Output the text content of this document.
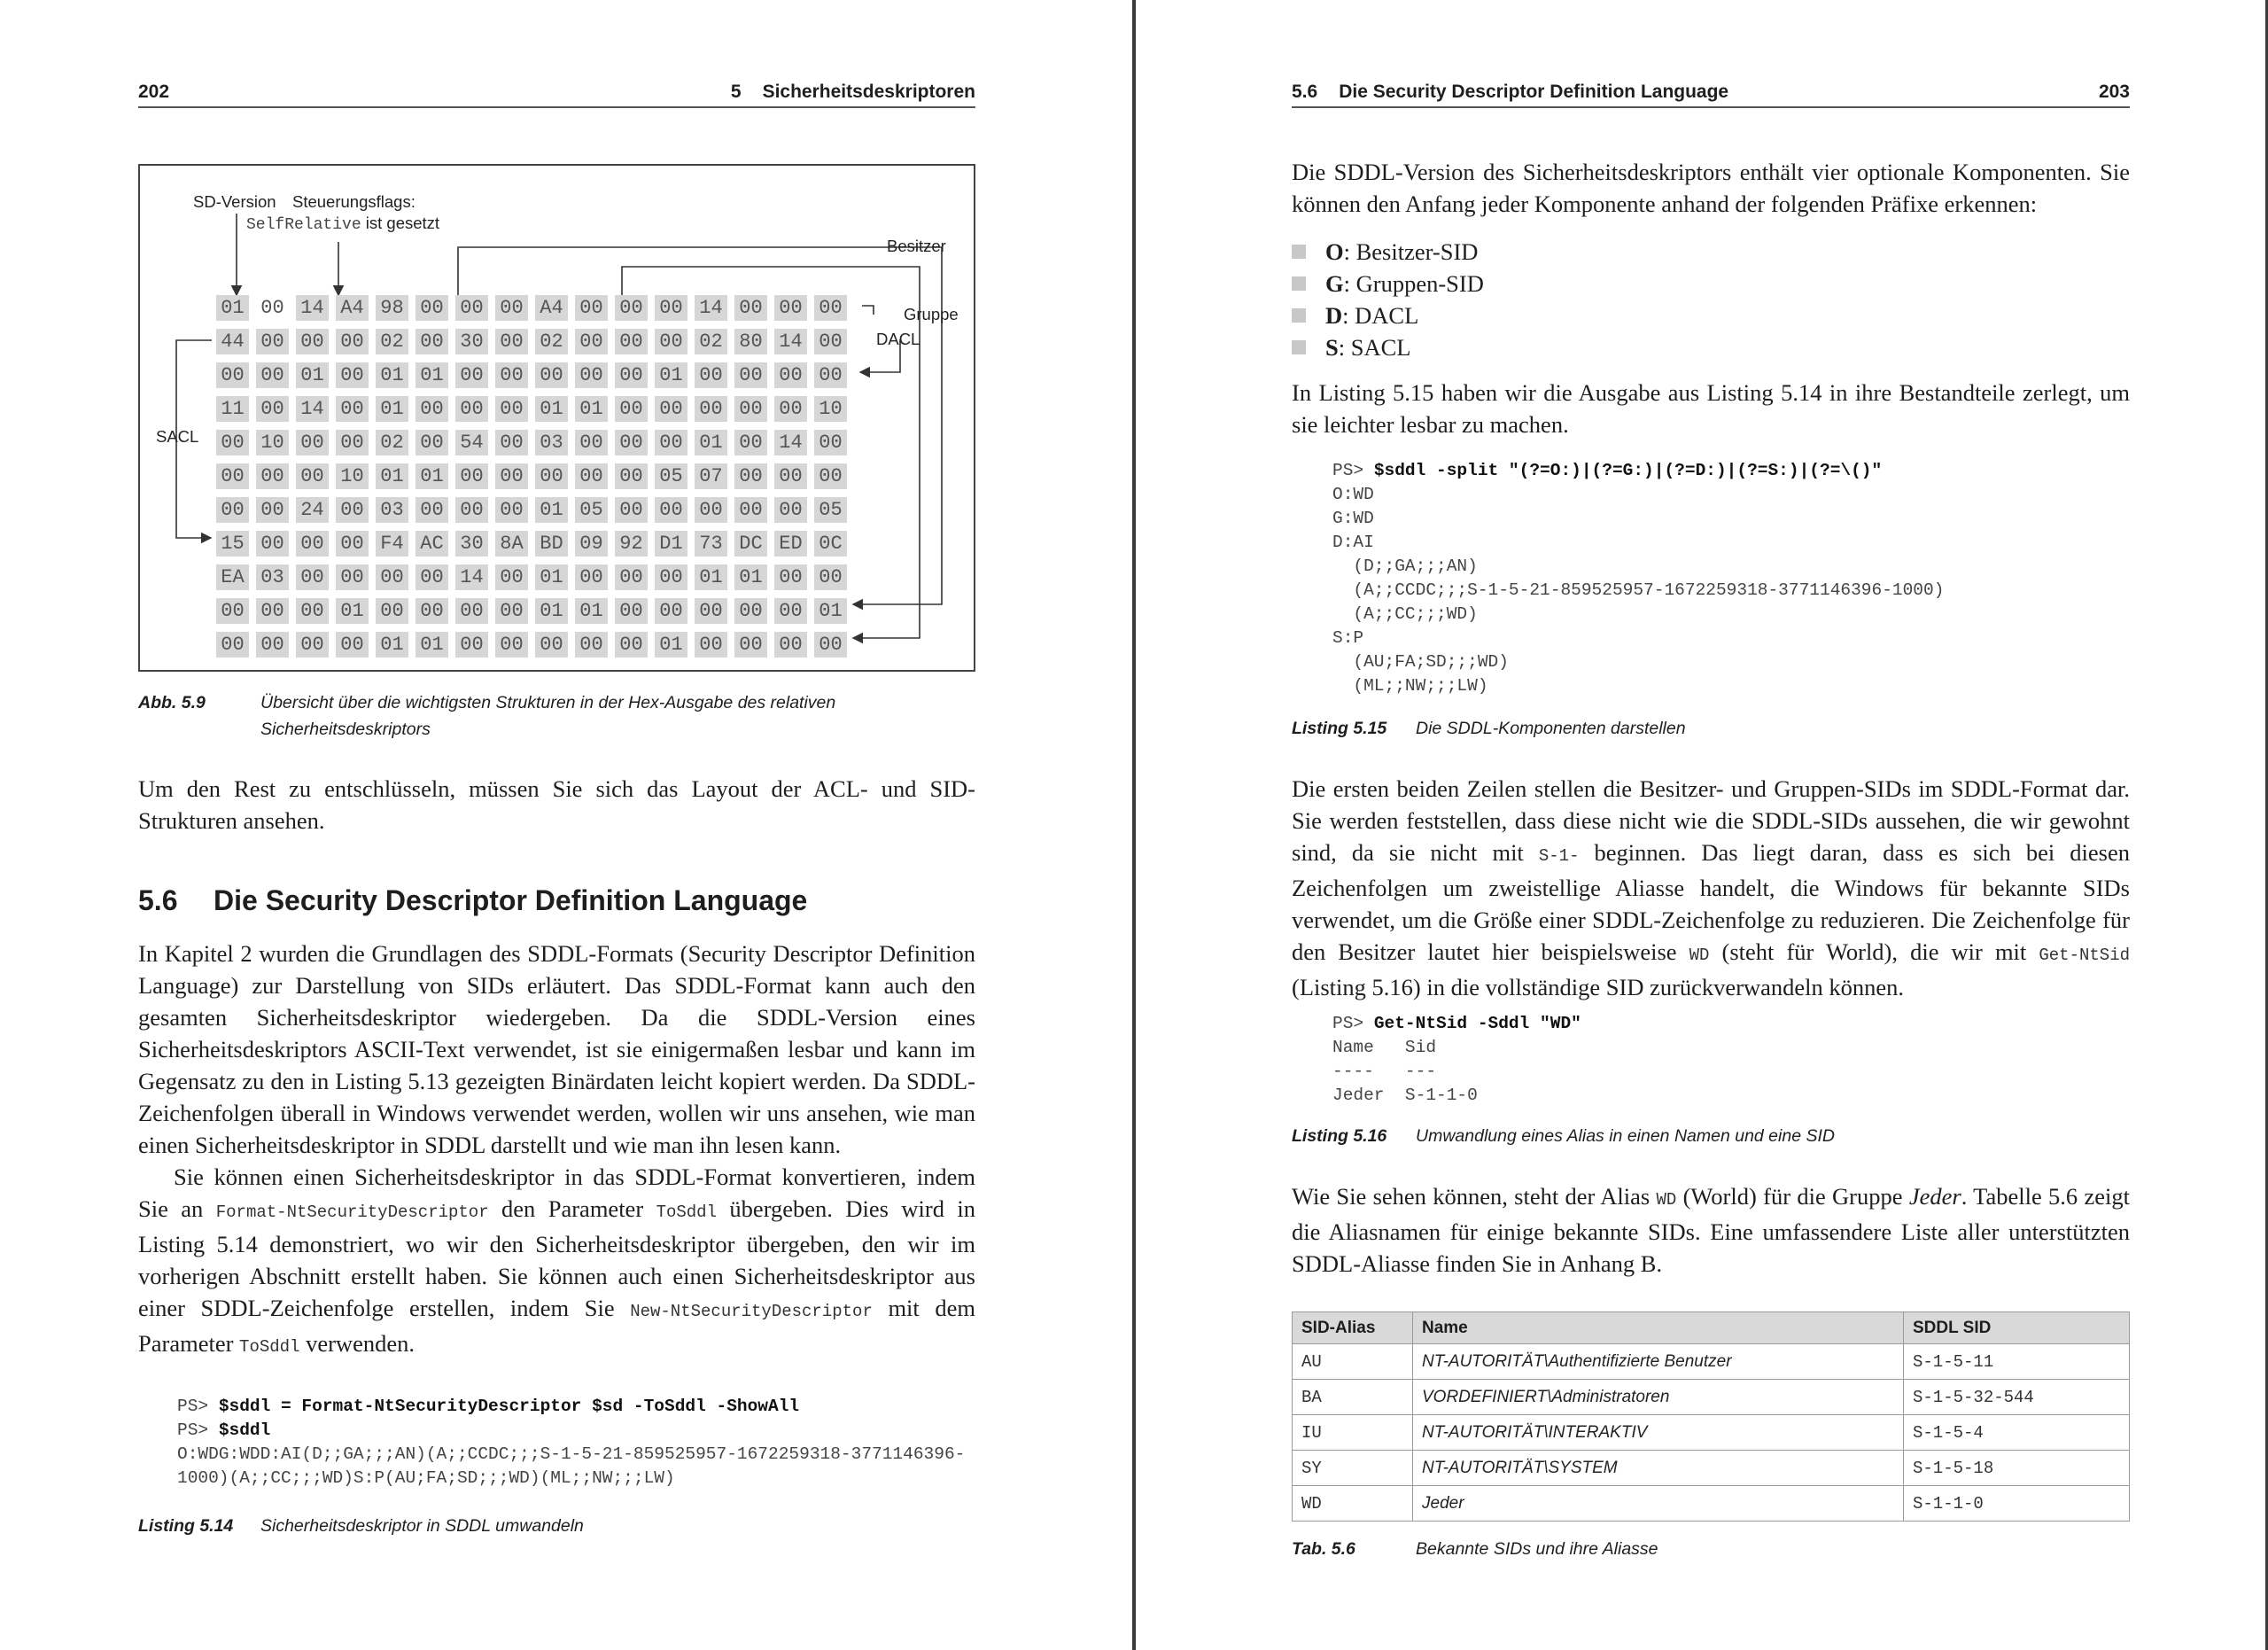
202	5 Sicherheitsdeskriptoren
SD-Version Steuerungsflags:
SelfRelative ist gesetzt
Besitzer
Gruppe
DACL
SACL
01 00 14 A4 98 00 00 00 A4 00 00 00 14 00 00 00
44 00 00 00 02 00 30 00 02 00 00 00 02 80 14 00
00 00 01 00 01 01 00 00 00 00 00 01 00 00 00 00
11 00 14 00 01 00 00 00 01 01 00 00 00 00 00 10
00 10 00 00 02 00 54 00 03 00 00 00 01 00 14 00
00 00 00 10 01 01 00 00 00 00 00 05 07 00 00 00
00 00 24 00 03 00 00 00 01 05 00 00 00 00 00 05
15 00 00 00 F4 AC 30 8A BD 09 92 D1 73 DC ED 0C
EA 03 00 00 00 00 14 00 01 00 00 00 01 01 00 00
00 00 00 01 00 00 00 00 01 01 00 00 00 00 00 01
00 00 00 00 01 01 00 00 00 00 00 01 00 00 00 00
Abb. 5.9	Übersicht über die wichtigsten Strukturen in der Hex-Ausgabe des relativen
Sicherheitsdeskriptors

Um den Rest zu entschlüsseln, müssen Sie sich das Layout der ACL- und SID-Strukturen ansehen.

5.6 Die Security Descriptor Definition Language

In Kapitel 2 wurden die Grundlagen des SDDL-Formats (Security Descriptor Definition Language) zur Darstellung von SIDs erläutert. Das SDDL-Format kann auch den gesamten Sicherheitsdeskriptor wiedergeben. Da die SDDL-Version eines Sicherheitsdeskriptors ASCII-Text verwendet, ist sie einigermaßen lesbar und kann im Gegensatz zu den in Listing 5.13 gezeigten Binärdaten leicht kopiert werden. Da SDDL-Zeichenfolgen überall in Windows verwendet werden, wollen wir uns ansehen, wie man einen Sicherheitsdeskriptor in SDDL darstellt und wie man ihn lesen kann.

Sie können einen Sicherheitsdeskriptor in das SDDL-Format konvertieren, indem Sie an Format-NtSecurityDescriptor den Parameter ToSddl übergeben. Dies wird in Listing 5.14 demonstriert, wo wir den Sicherheitsdeskriptor übergeben, den wir im vorherigen Abschnitt erstellt haben. Sie können auch einen Sicherheitsdeskriptor aus einer SDDL-Zeichenfolge erstellen, indem Sie New-NtSecurityDescriptor mit dem Parameter ToSddl verwenden.

PS> $sddl = Format-NtSecurityDescriptor $sd -ToSddl -ShowAll
PS> $sddl
O:WDG:WDD:AI(D;;GA;;;AN)(A;;CCDC;;;S-1-5-21-859525957-1672259318-3771146396-
1000)(A;;CC;;;WD)S:P(AU;FA;SD;;;WD)(ML;;NW;;;LW)
Listing 5.14 Sicherheitsdeskriptor in SDDL umwandeln
5.6 Die Security Descriptor Definition Language	203

Die SDDL-Version des Sicherheitsdeskriptors enthält vier optionale Komponenten. Sie können den Anfang jeder Komponente anhand der folgenden Präfixe erkennen:

O: Besitzer-SID
G: Gruppen-SID
D: DACL
S: SACL

In Listing 5.15 haben wir die Ausgabe aus Listing 5.14 in ihre Bestandteile zerlegt, um sie leichter lesbar zu machen.

PS> $sddl -split "(?=O:)|(?=G:)|(?=D:)|(?=S:)|(?=\()"
O:WD
G:WD
D:AI
(D;;GA;;;AN)
(A;;CCDC;;;S-1-5-21-859525957-1672259318-3771146396-1000)
(A;;CC;;;WD)
S:P
(AU;FA;SD;;;WD)
(ML;;NW;;;LW)
Listing 5.15 Die SDDL-Komponenten darstellen

Die ersten beiden Zeilen stellen die Besitzer- und Gruppen-SIDs im SDDL-Format dar. Sie werden feststellen, dass diese nicht wie die SDDL-SIDs aussehen, die wir gewohnt sind, da sie nicht mit S-1- beginnen. Das liegt daran, dass es sich bei diesen Zeichenfolgen um zweistellige Aliasse handelt, die Windows für bekannte SIDs verwendet, um die Größe einer SDDL-Zeichenfolge zu reduzieren. Die Zeichenfolge für den Besitzer lautet hier beispielsweise WD (steht für World), die wir mit Get-NtSid (Listing 5.16) in die vollständige SID zurückverwandeln können.

PS> Get-NtSid -Sddl "WD"
Name   Sid
----   ---
Jeder  S-1-1-0
Listing 5.16 Umwandlung eines Alias in einen Namen und eine SID

Wie Sie sehen können, steht der Alias WD (World) für die Gruppe Jeder. Tabelle 5.6 zeigt die Aliasnamen für einige bekannte SIDs. Eine umfassendere Liste aller unterstützten SDDL-Aliasse finden Sie in Anhang B.

SID-Alias	Name	SDDL SID
AU	NT-AUTORITÄT\Authentifizierte Benutzer	S-1-5-11
BA	VORDEFINIERT\Administratoren	S-1-5-32-544
IU	NT-AUTORITÄT\INTERAKTIV	S-1-5-4
SY	NT-AUTORITÄT\SYSTEM	S-1-5-18
WD	Jeder	S-1-1-0
Tab. 5.6	Bekannte SIDs und ihre Aliasse
